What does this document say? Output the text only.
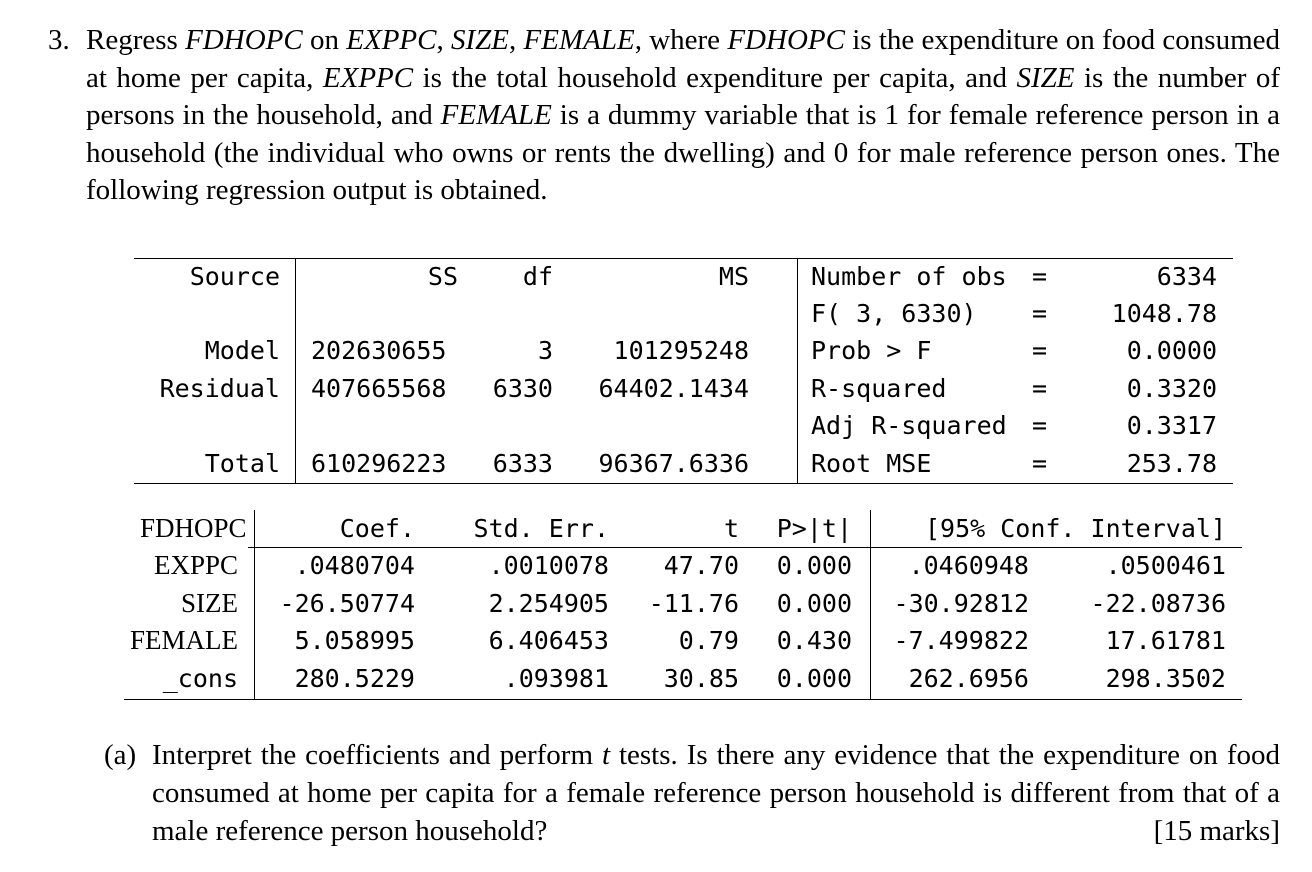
3. Regress FDHOPC on EXPPC, SIZE, FEMALE, where FDHOPC is the expenditure on food consumed at home per capita, EXPPC is the total household expenditure per capita, and SIZE is the number of persons in the household, and FEMALE is a dummy variable that is 1 for female reference person in a household (the individual who owns or rents the dwelling) and 0 for male reference person ones. The following regression output is obtained.
Source	SS	df	MS
Model 202630655	3 101295248
Residual 407665568 6330 64402.1434
Total 610296223 6333 96367.6336
Number of obs =	6334
F( 3, 6330) =	1048.78
Prob > F	=	0.0000
R-squared	=	0.3320
Adj R-squared =	0.3317
Root MSE	=	253.78
FDHOPC	Coef. Std. Err.	t P>|t|	[95% Conf. Interval]
EXPPC .0480704	.0010078 47.70 0.000 .0460948	.0500461
SIZE -26.50774	2.254905 -11.76 0.000 -30.92812 -22.08736
FEMALE 5.058995	6.406453	0.79 0.430 -7.499822	17.61781
_cons 280.5229	.093981 30.85 0.000 262.6956	298.3502
(a) Interpret the coefficients and perform t tests. Is there any evidence that the expenditure on food consumed at home per capita for a female reference person household is different from that of a male reference person household?	[15 marks]
